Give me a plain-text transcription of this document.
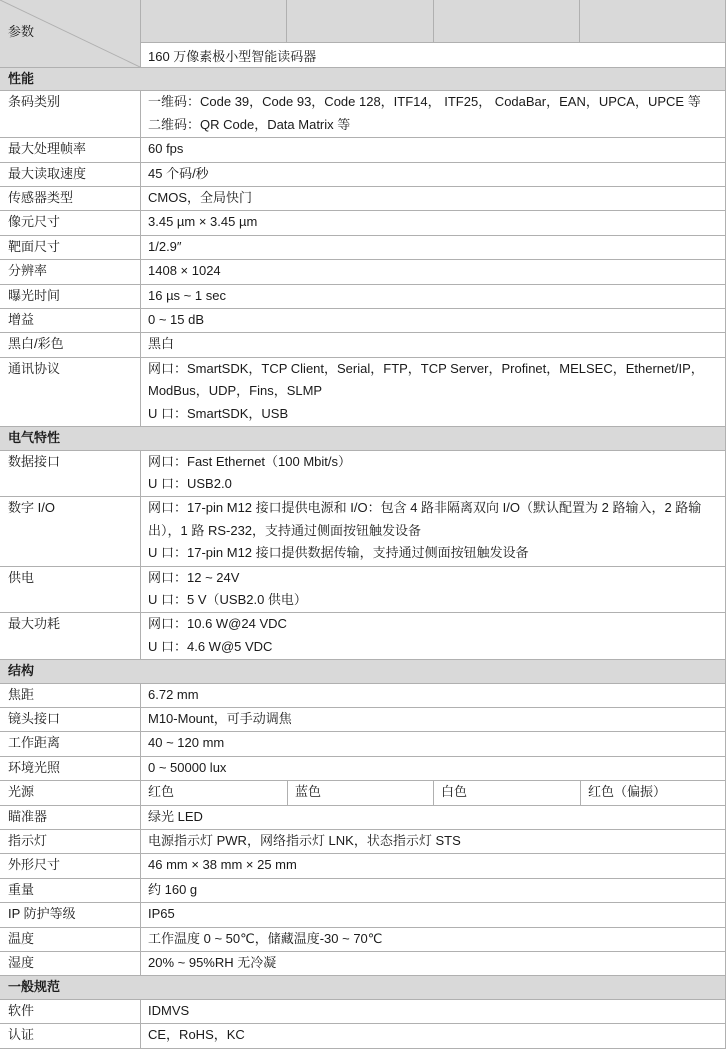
参数
160 万像素极小型智能读码器
性能
条码类别	一维码：Code 39，Code 93，Code 128，ITF14， ITF25， CodaBar，EAN，UPCA，UPCE 等
二维码：QR Code，Data Matrix 等
最大处理帧率	60 fps
最大读取速度	45 个码/秒
传感器类型	CMOS，全局快门
像元尺寸	3.45 µm × 3.45 µm
靶面尺寸	1/2.9″
分辨率	1408 × 1024
曝光时间	16 µs ~ 1 sec
增益	0 ~ 15 dB
黑白/彩色	黑白
通讯协议	网口：SmartSDK，TCP Client，Serial，FTP，TCP Server，Profinet，MELSEC，Ethernet/IP，ModBus，UDP，Fins，SLMP
U 口：SmartSDK，USB
电气特性
数据接口	网口：Fast Ethernet（100 Mbit/s）
U 口：USB2.0
数字 I/O	网口：17-pin M12 接口提供电源和 I/O：包含 4 路非隔离双向 I/O（默认配置为 2 路输入，2 路输出），1 路 RS-232，支持通过侧面按钮触发设备
U 口：17-pin M12 接口提供数据传输，支持通过侧面按钮触发设备
供电	网口：12 ~ 24V
U 口：5 V（USB2.0 供电）
最大功耗	网口：10.6 W@24 VDC
U 口：4.6 W@5 VDC
结构
焦距	6.72 mm
镜头接口	M10-Mount，可手动调焦
工作距离	40 ~ 120 mm
环境光照	0 ~ 50000 lux
光源	红色	蓝色	白色	红色（偏振）
瞄准器	绿光 LED
指示灯	电源指示灯 PWR，网络指示灯 LNK，状态指示灯 STS
外形尺寸	46 mm × 38 mm × 25 mm
重量	约 160 g
IP 防护等级	IP65
温度	工作温度 0 ~ 50℃，储藏温度-30 ~ 70℃
湿度	20% ~ 95%RH 无冷凝
一般规范
软件	IDMVS
认证	CE，RoHS，KC
